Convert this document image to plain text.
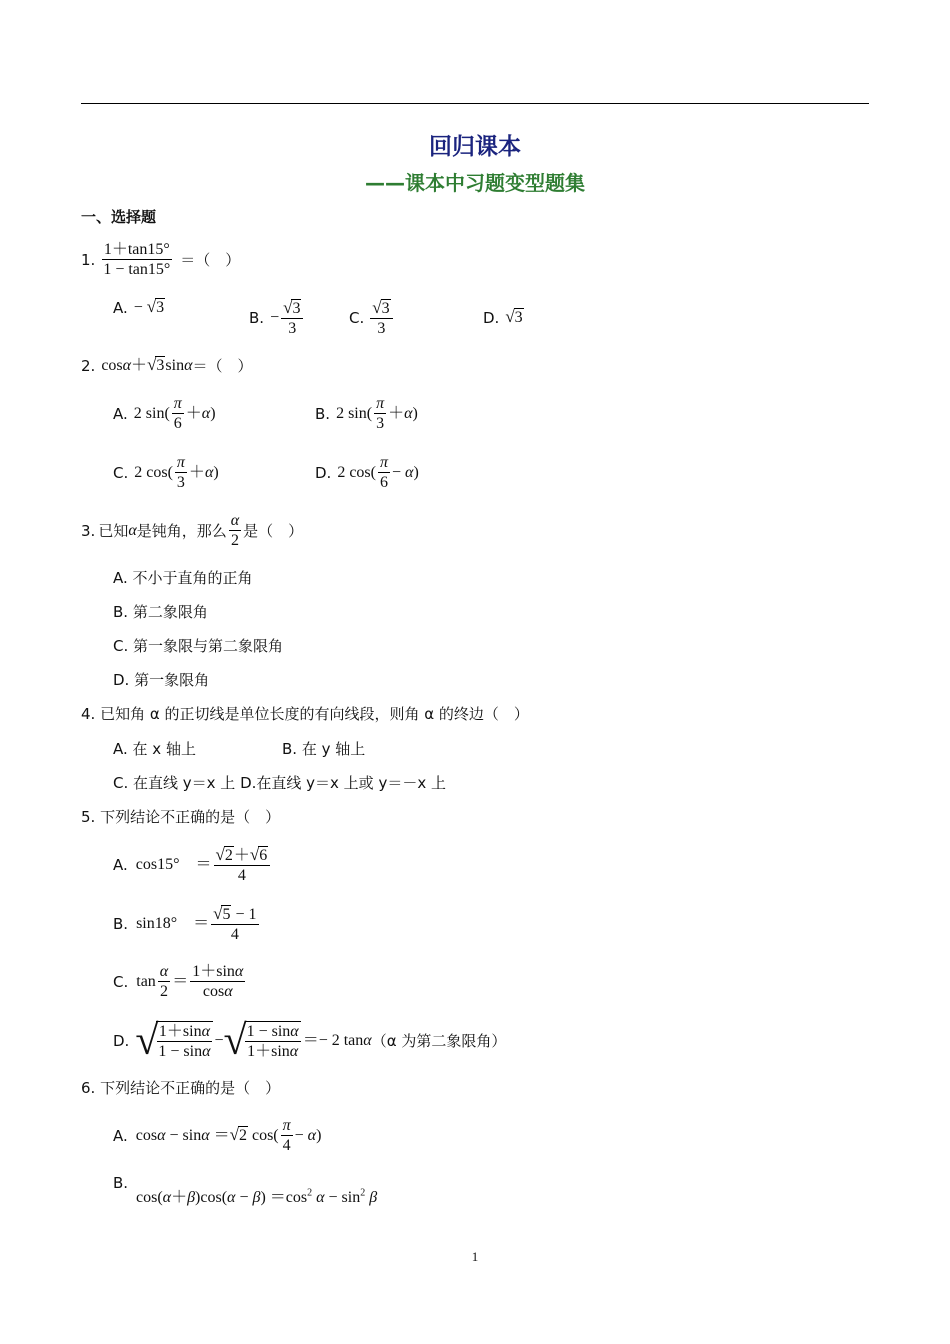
回归课本
——课本中习题变型题集
一、选择题
1. $\frac{1+\tan 15^\circ}{1 - \tan 15^\circ}$ ＝（　）
A. − √3
B. − $\frac{√3}{3}$	C. $\frac{√3}{3}$	D. √3
2. cosα＋√3sinα ＝（　）
A. 2 $\sin( \frac{\pi}{6} +\alpha)$	B. 2 $\sin( \frac{\pi}{3} +\alpha)$
C. 2 $\cos( \frac{\pi}{3} +\alpha)$	D. 2 $\cos( \frac{\pi}{6} - \alpha)$
3. 已知 α 是钝角，那么 $\frac{\alpha}{2}$ 是（　）
A. 不小于直角的正角
B. 第二象限角
C. 第一象限与第二象限角
D. 第一象限角
4. 已知角 α 的正切线是单位长度的有向线段，则角 α 的终边（　）
A. 在 x 轴上	B. 在 y 轴上
C. 在直线 y＝x 上 D.在直线 y＝x 上或 y＝－x 上
5. 下列结论不正确的是（　）
A. cos15°　＝ $\frac{√2+√6}{4}$
B. sin18°　＝ $\frac{√5 - 1}{4}$
C. $\tan \frac{\alpha}{2} = \frac{1+\sin\alpha}{\cos\alpha}$
D. √
$\frac{1+\sin\alpha}{1 - \sin\alpha}$ − √
$\frac{1 - \sin\alpha}{1+\sin\alpha} =- 2$ tanα （α 为第二象限角）
6. 下列结论不正确的是（　）
A. cosα − sinα ＝√2 $\cos( \frac{\pi}{4} - \alpha)$
B.
$\cos(\alpha+\beta)\cos(\alpha - \beta) =\cos^2$ $\alpha - \sin^2 \beta$
1
